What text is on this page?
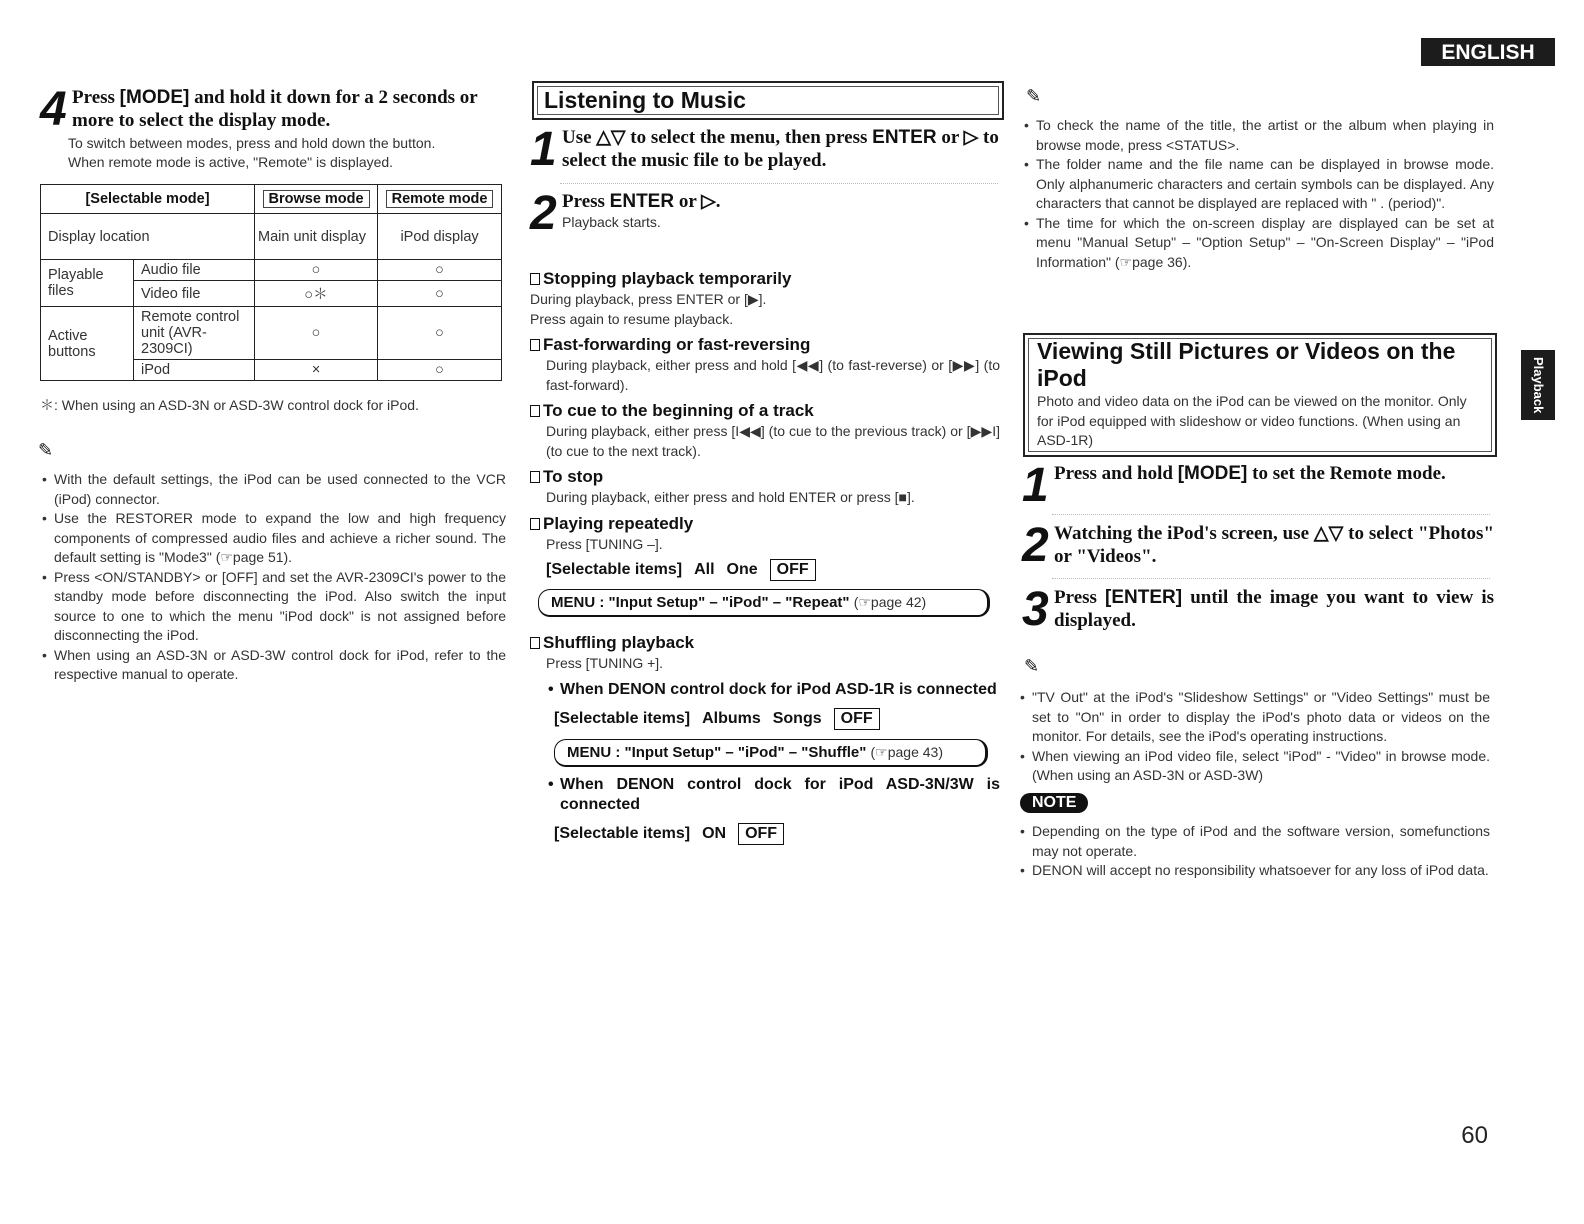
ENGLISH
Playback
60
4 Press [MODE] and hold it down for a 2 seconds or more to select the display mode.
To switch between modes, press and hold down the button.
When remote mode is active, "Remote" is displayed.
[Selectable mode]		Browse mode	Remote mode
Display location		Main unit display	iPod display
Playable files	Audio file	○	○
	Video file	○＊	○
Active buttons	Remote control unit (AVR-2309CI)	○	○
	iPod	×	○
＊: When using an ASD-3N or ASD-3W control dock for iPod.
✎
• With the default settings, the iPod can be used connected to the VCR (iPod) connector.
• Use the RESTORER mode to expand the low and high frequency components of compressed audio files and achieve a richer sound. The default setting is "Mode3" (☞page 51).
• Press <ON/STANDBY> or [OFF] and set the AVR-2309CI's power to the standby mode before disconnecting the iPod. Also switch the input source to one to which the menu "iPod dock" is not assigned before disconnecting the iPod.
• When using an ASD-3N or ASD-3W control dock for iPod, refer to the respective manual to operate.
Listening to Music
1 Use △▽ to select the menu, then press ENTER or ▷ to select the music file to be played.
2 Press ENTER or ▷.
Playback starts.
Stopping playback temporarily
During playback, press ENTER or [▶].
Press again to resume playback.
Fast-forwarding or fast-reversing
During playback, either press and hold [◀◀] (to fast-reverse) or [▶▶] (to fast-forward).
To cue to the beginning of a track
During playback, either press [I◀◀] (to cue to the previous track) or [▶▶I] (to cue to the next track).
To stop
During playback, either press and hold ENTER or press [■].
Playing repeatedly
Press [TUNING –].
[Selectable items] All One	OFF
MENU : "Input Setup" – "iPod" – "Repeat" (☞page 42)
Shuffling playback
Press [TUNING +].
• When DENON control dock for iPod ASD-1R is connected
[Selectable items] Albums Songs	OFF
MENU : "Input Setup" – "iPod" – "Shuffle" (☞page 43)
• When DENON control dock for iPod ASD-3N/3W is connected
[Selectable items] ON	OFF
✎
• To check the name of the title, the artist or the album when playing in browse mode, press <STATUS>.
• The folder name and the file name can be displayed in browse mode. Only alphanumeric characters and certain symbols can be displayed. Any characters that cannot be displayed are replaced with " . (period)".
• The time for which the on-screen display are displayed can be set at menu "Manual Setup" – "Option Setup" – "On-Screen Display" – "iPod Information" (☞page 36).
Viewing Still Pictures or Videos on the iPod
Photo and video data on the iPod can be viewed on the monitor. Only for iPod equipped with slideshow or video functions. (When using an ASD-1R)
1 Press and hold [MODE] to set the Remote mode.
2 Watching the iPod's screen, use △▽ to select "Photos" or "Videos".
3 Press [ENTER] until the image you want to view is displayed.
✎
• "TV Out" at the iPod's "Slideshow Settings" or "Video Settings" must be set to "On" in order to display the iPod's photo data or videos on the monitor. For details, see the iPod's operating instructions.
• When viewing an iPod video file, select "iPod" - "Video" in browse mode. (When using an ASD-3N or ASD-3W)
NOTE
• Depending on the type of iPod and the software version, somefunctions may not operate.
• DENON will accept no responsibility whatsoever for any loss of iPod data.
